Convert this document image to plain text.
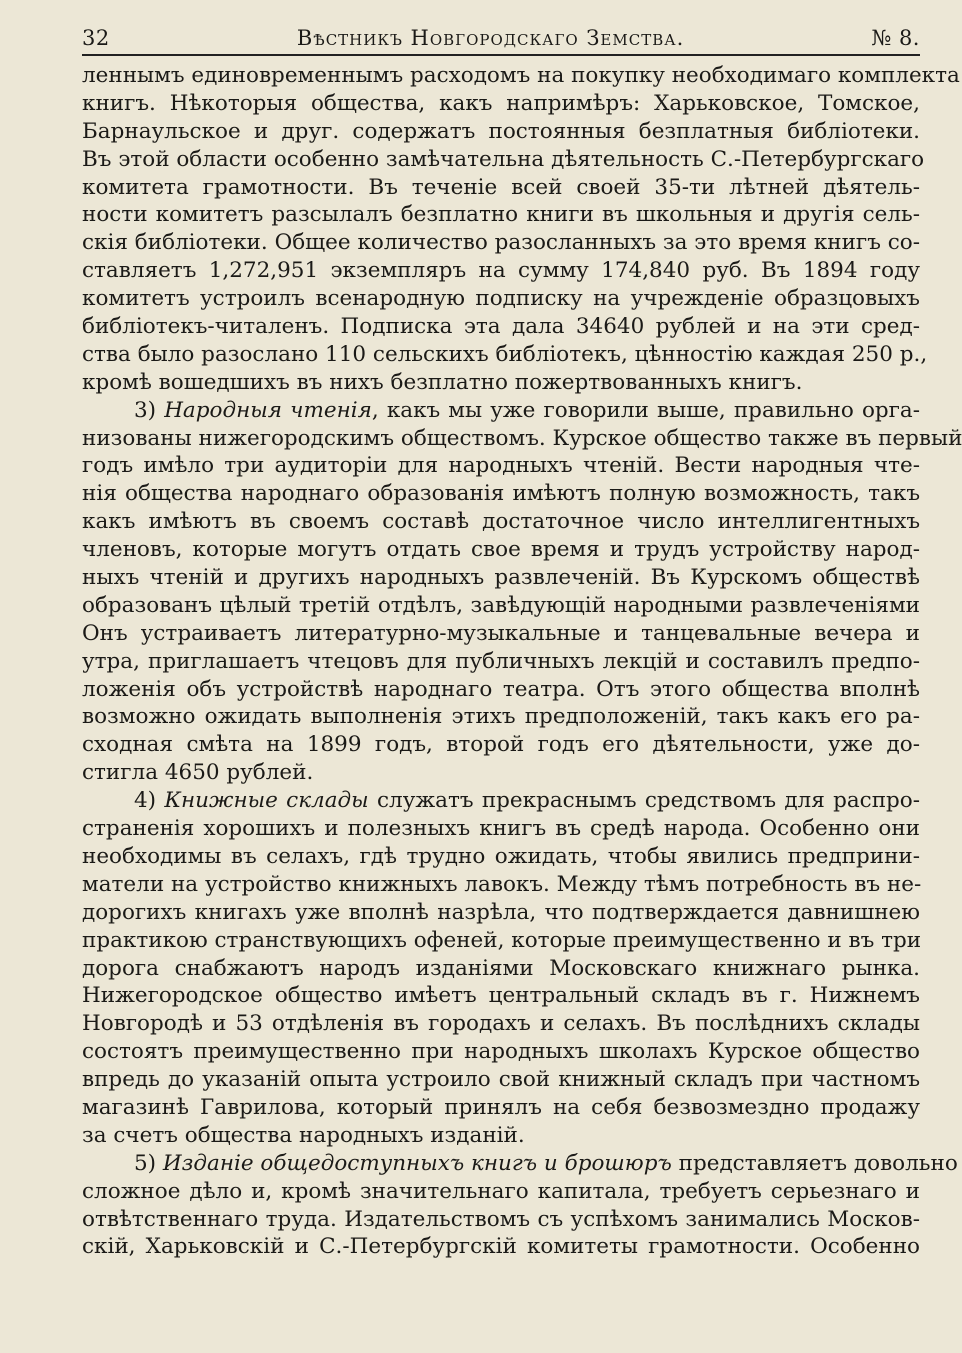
32	Вѣстникъ Новгородскаго Земства.	№ 8.
леннымъ единовременнымъ расходомъ на покупку необходимаго комплекта
книгъ. Нѣкоторыя общества, какъ напримѣръ: Харьковское, Томское,
Барнаульское и друг. содержатъ постоянныя безплатныя библіотеки.
Въ этой области особенно замѣчательна дѣятельность С.-Петербургскаго
комитета грамотности. Въ теченіе всей своей 35-ти лѣтней дѣятель-
ности комитетъ разсылалъ безплатно книги въ школьныя и другія сель-
скія библіотеки. Общее количество разосланныхъ за это время книгъ со-
ставляетъ 1,272,951 экземпляръ на сумму 174,840 руб. Въ 1894 году
комитетъ устроилъ всенародную подписку на учрежденіе образцовыхъ
библіотекъ-читаленъ. Подписка эта дала 34640 рублей и на эти сред-
ства было разослано 110 сельскихъ библіотекъ, цѣнностію каждая 250 р.,
кромѣ вошедшихъ въ нихъ безплатно пожертвованныхъ книгъ.
3) Народныя чтенія, какъ мы уже говорили выше, правильно орга-
низованы нижегородскимъ обществомъ. Курское общество также въ первый
годъ имѣло три аудиторіи для народныхъ чтеній. Вести народныя чте-
нія общества народнаго образованія имѣютъ полную возможность, такъ
какъ имѣютъ въ своемъ составѣ достаточное число интеллигентныхъ
членовъ, которые могутъ отдать свое время и трудъ устройству народ-
ныхъ чтеній и другихъ народныхъ развлеченій. Въ Курскомъ обществѣ
образованъ цѣлый третій отдѣлъ, завѣдующій народными развлеченіями
Онъ устраиваетъ литературно-музыкальные и танцевальные вечера и
утра, приглашаетъ чтецовъ для публичныхъ лекцій и составилъ предпо-
ложенія объ устройствѣ народнаго театра. Отъ этого общества вполнѣ
возможно ожидать выполненія этихъ предположеній, такъ какъ его ра-
сходная смѣта на 1899 годъ, второй годъ его дѣятельности, уже до-
стигла 4650 рублей.
4) Книжные склады служатъ прекраснымъ средствомъ для распро-
страненія хорошихъ и полезныхъ книгъ въ средѣ народа. Особенно они
необходимы въ селахъ, гдѣ трудно ожидать, чтобы явились предприни-
матели на устройство книжныхъ лавокъ. Между тѣмъ потребность въ не-
дорогихъ книгахъ уже вполнѣ назрѣла, что подтверждается давнишнею
практикою странствующихъ офеней, которые преимущественно и въ три
дорога снабжаютъ народъ изданіями Московскаго книжнаго рынка.
Нижегородское общество имѣетъ центральный складъ въ г. Нижнемъ
Новгородѣ и 53 отдѣленія въ городахъ и селахъ. Въ послѣднихъ склады
состоятъ преимущественно при народныхъ школахъ Курское общество
впредь до указаній опыта устроило свой книжный складъ при частномъ
магазинѣ Гаврилова, который принялъ на себя безвозмездно продажу
за счетъ общества народныхъ изданій.
5) Изданіе общедоступныхъ книгъ и брошюръ представляетъ довольно
сложное дѣло и, кромѣ значительнаго капитала, требуетъ серьезнаго и
отвѣтственнаго труда. Издательствомъ съ успѣхомъ занимались Москов-
скій, Харьковскій и С.-Петербургскій комитеты грамотности. Особенно
